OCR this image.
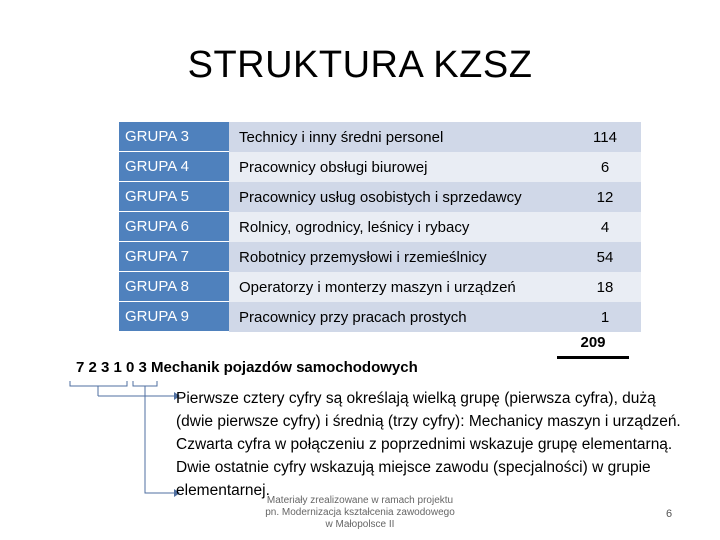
STRUKTURA KZSZ
GRUPA 3	Technicy i inny średni personel	114
GRUPA 4	Pracownicy obsługi biurowej	6
GRUPA 5	Pracownicy usług osobistych i sprzedawcy	12
GRUPA 6	Rolnicy, ogrodnicy, leśnicy i rybacy	4
GRUPA 7	Robotnicy przemysłowi i rzemieślnicy	54
GRUPA 8	Operatorzy i monterzy maszyn i urządzeń	18
GRUPA 9	Pracownicy przy pracach prostych	1
209
7 2 3 1 0 3 Mechanik pojazdów samochodowych

Pierwsze cztery cyfry są określają wielką grupę (pierwsza cyfra), dużą (dwie pierwsze cyfry) i średnią (trzy cyfry): Mechanicy maszyn i urządzeń. Czwarta cyfra w połączeniu z poprzednimi wskazuje grupę elementarną.

Dwie ostatnie cyfry wskazują miejsce zawodu (specjalności) w grupie elementarnej.

Materiały zrealizowane w ramach projektu
pn. Modernizacja kształcenia zawodowego
w Małopolsce II
6
